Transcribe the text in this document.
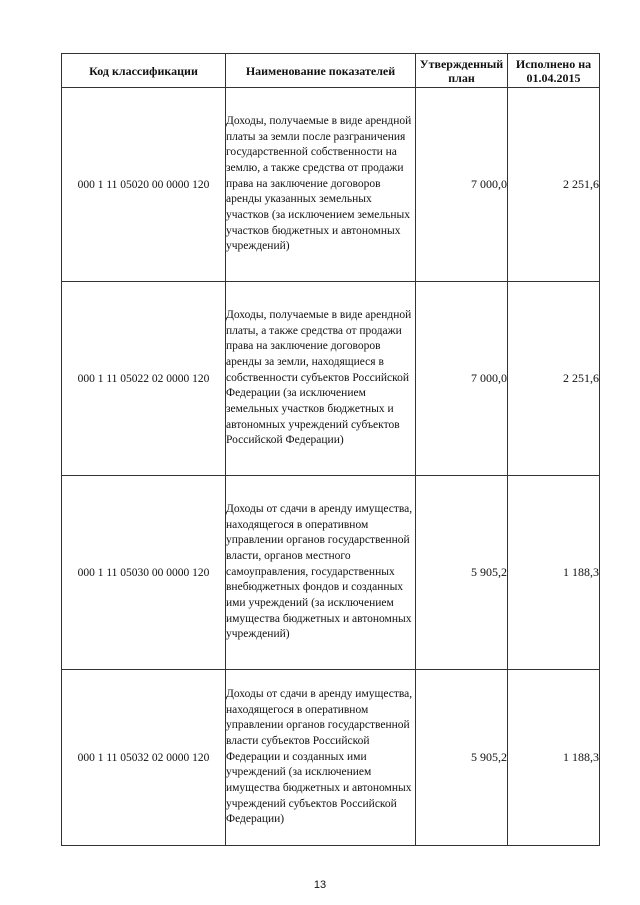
Код классификации	Наименование показателей	Утвержденный план	Исполнено на 01.04.2015
000 1 11 05020 00 0000 120	Доходы, получаемые в виде арендной платы за земли после разграничения государственной собственности на землю, а также средства от продажи права на заключение договоров аренды указанных земельных участков (за исключением земельных участков бюджетных и автономных учреждений)	7 000,0	2 251,6
000 1 11 05022 02 0000 120	Доходы, получаемые в виде арендной платы, а также средства от продажи права на заключение договоров аренды за земли, находящиеся в собственности субъектов Российской Федерации (за исключением земельных участков бюджетных и автономных учреждений субъектов Российской Федерации)	7 000,0	2 251,6
000 1 11 05030 00 0000 120	Доходы от сдачи в аренду имущества, находящегося в оперативном управлении органов государственной власти, органов местного самоуправления, государственных внебюджетных фондов и созданных ими учреждений (за исключением имущества бюджетных и автономных учреждений)	5 905,2	1 188,3
000 1 11 05032 02 0000 120	Доходы от сдачи в аренду имущества, находящегося в оперативном управлении органов государственной власти субъектов Российской Федерации и созданных ими учреждений (за исключением имущества бюджетных и автономных учреждений субъектов Российской Федерации)	5 905,2	1 188,3
13
